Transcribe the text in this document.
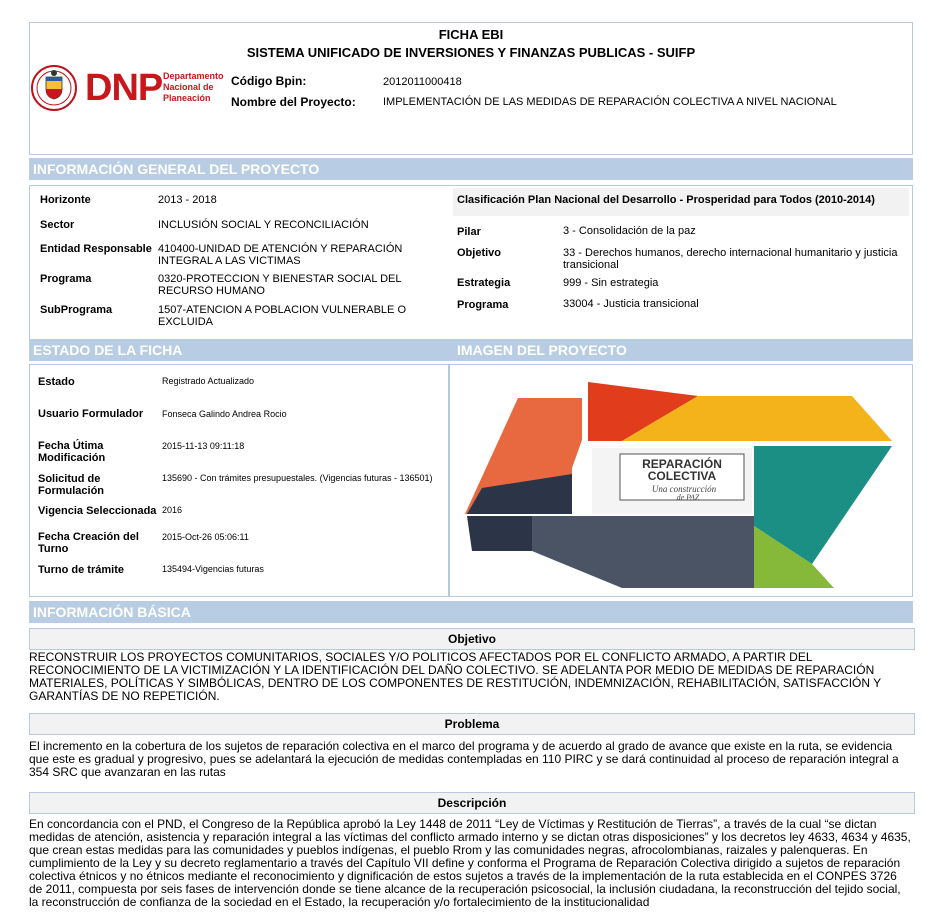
FICHA EBI
SISTEMA UNIFICADO DE INVERSIONES Y FINANZAS PUBLICAS - SUIFP
DNP Departamento Nacional de Planeación
Código Bpin:	2012011000418
Nombre del Proyecto: IMPLEMENTACIÓN DE LAS MEDIDAS DE REPARACIÓN COLECTIVA A NIVEL NACIONAL
INFORMACIÓN GENERAL DEL PROYECTO
Horizonte	2013 - 2018
Sector	INCLUSIÓN SOCIAL Y RECONCILIACIÓN
Entidad Responsable 410400-UNIDAD DE ATENCIÓN Y REPARACIÓN INTEGRAL A LAS VICTIMAS
Programa	0320-PROTECCION Y BIENESTAR SOCIAL DEL RECURSO HUMANO
SubPrograma	1507-ATENCION A POBLACION VULNERABLE O EXCLUIDA
Clasificación Plan Nacional del Desarrollo - Prosperidad para Todos (2010-2014)
Pilar	3 - Consolidación de la paz
Objetivo	33 - Derechos humanos, derecho internacional humanitario y justicia transicional
Estrategia	999 - Sin estrategia
Programa	33004 - Justicia transicional
ESTADO DE LA FICHA	IMAGEN DEL PROYECTO
Estado	Registrado Actualizado
Usuario Formulador Fonseca Galindo Andrea Rocio
Fecha Útima Modificación
2015-11-13 09:11:18
Solicitud de Formulación
135690 - Con trámites presupuestales. (Vigencias futuras - 136501)
Vigencia Seleccionada 2016
Fecha Creación del Turno
2015-Oct-26 05:06:11
Turno de trámite	135494-Vigencias futuras
REPARACIÓN
COLECTIVA
Una construcción
de PAZ
INFORMACIÓN BÁSICA
Objetivo
RECONSTRUIR LOS PROYECTOS COMUNITARIOS, SOCIALES Y/O POLITICOS AFECTADOS POR EL CONFLICTO ARMADO, A PARTIR DEL RECONOCIMIENTO DE LA VICTIMIZACIÓN Y LA IDENTIFICACIÓN DEL DAÑO COLECTIVO. SE ADELANTA POR MEDIO DE MEDIDAS DE REPARACIÓN MATERIALES, POLÍTICAS Y SIMBÓLICAS, DENTRO DE LOS COMPONENTES DE RESTITUCIÓN, INDEMNIZACIÓN, REHABILITACIÓN, SATISFACCIÓN Y GARANTÍAS DE NO REPETICIÓN.
Problema
El incremento en la cobertura de los sujetos de reparación colectiva en el marco del programa y de acuerdo al grado de avance que existe en la ruta, se evidencia que este es gradual y progresivo, pues se adelantará la ejecución de medidas contempladas en 110 PIRC y se dará continuidad al proceso de reparación integral a 354 SRC que avanzaran en las rutas
Descripción
En concordancia con el PND, el Congreso de la República aprobó la Ley 1448 de 2011 “Ley de Víctimas y Restitución de Tierras”, a través de la cual “se dictan medidas de atención, asistencia y reparación integral a las víctimas del conflicto armado interno y se dictan otras disposiciones” y los decretos ley 4633, 4634 y 4635, que crean estas medidas para las comunidades y pueblos indígenas, el pueblo Rrom y las comunidades negras, afrocolombianas, raizales y palenqueras. En cumplimiento de la Ley y su decreto reglamentario a través del Capítulo VII define y conforma el Programa de Reparación Colectiva dirigido a sujetos de reparación colectiva étnicos y no étnicos mediante el reconocimiento y dignificación de estos sujetos a través de la implementación de la ruta establecida en el CONPES 3726 de 2011, compuesta por seis fases de intervención donde se tiene alcance de la recuperación psicosocial, la inclusión ciudadana, la reconstrucción del tejido social, la reconstrucción de confianza de la sociedad en el Estado, la recuperación y/o fortalecimiento de la institucionalidad
